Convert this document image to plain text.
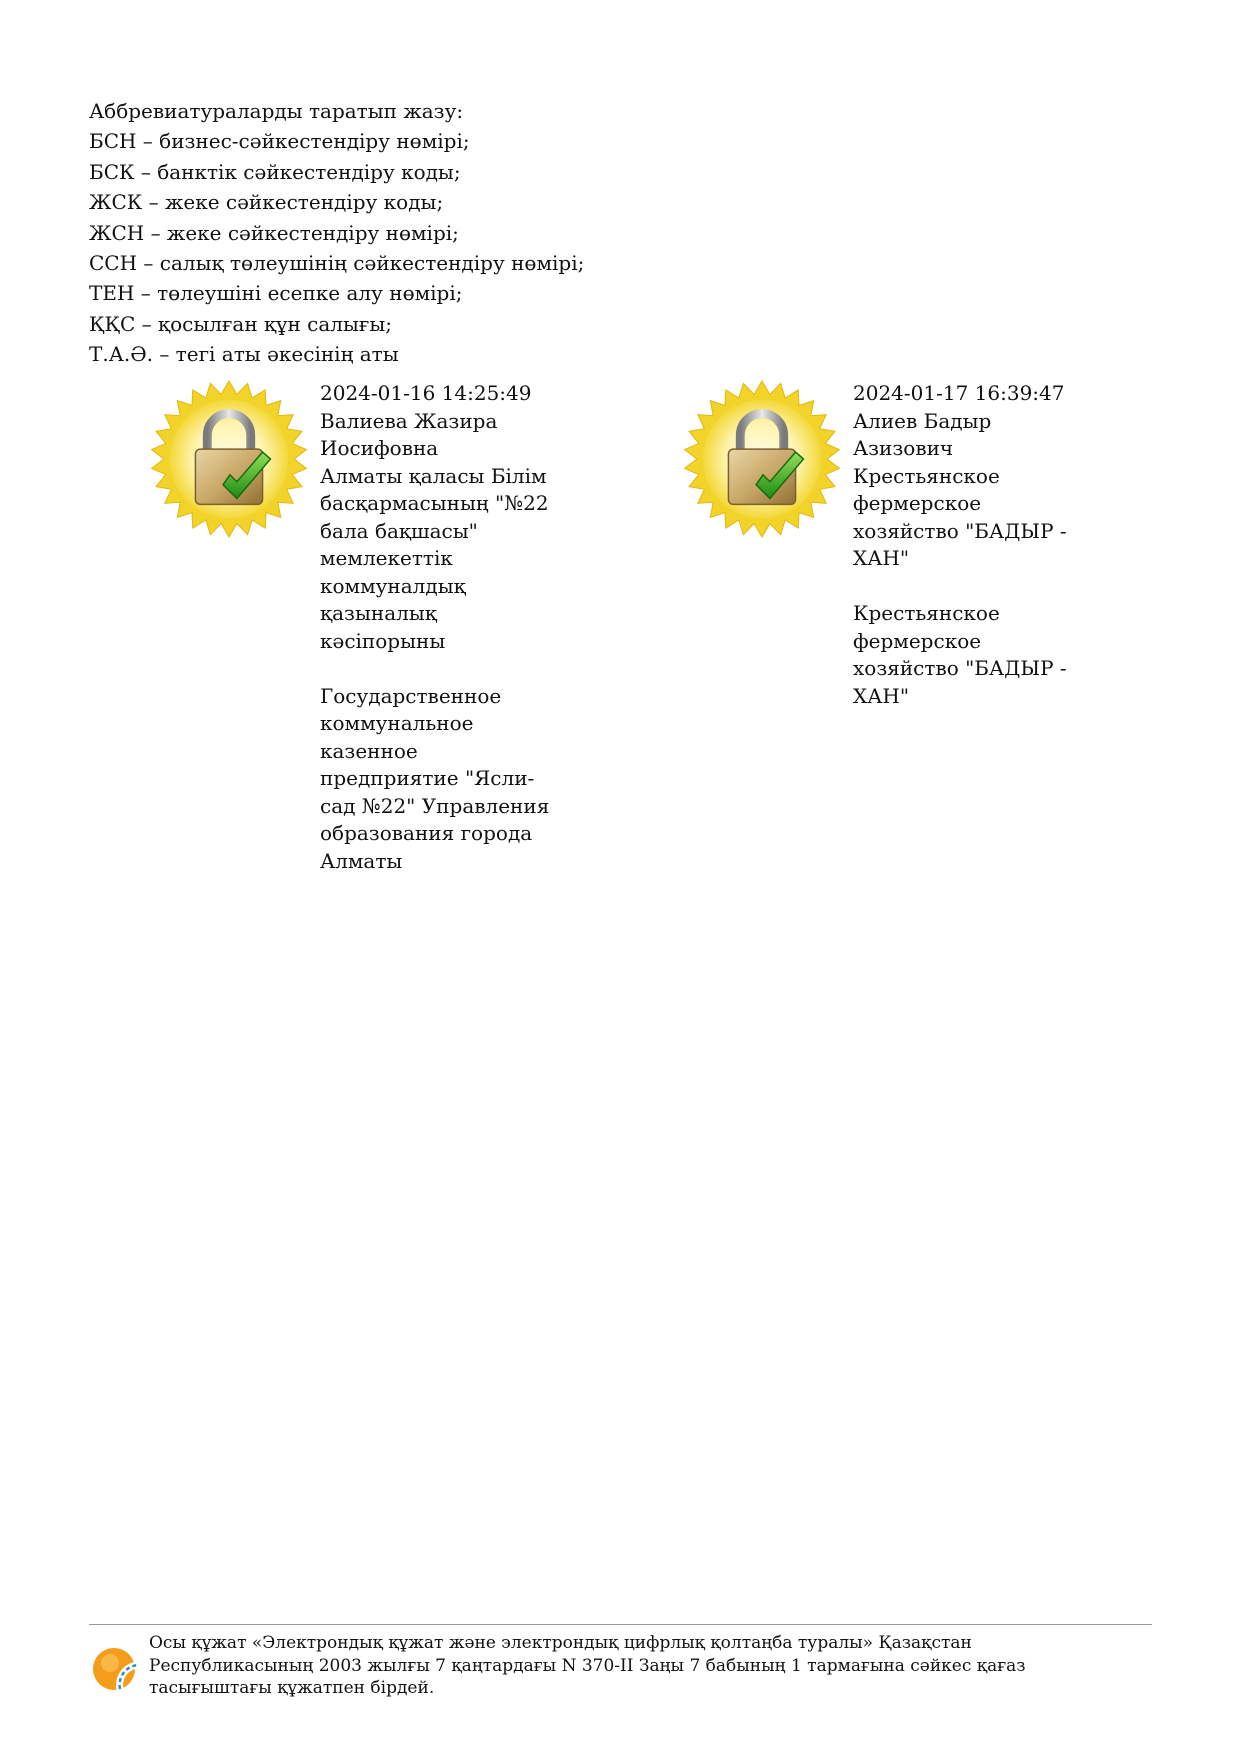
Аббревиатураларды таратып жазу:
БСН – бизнес-сәйкестендіру нөмірі;
БСК – банктік сәйкестендіру коды;
ЖСК – жеке сәйкестендіру коды;
ЖСН – жеке сәйкестендіру нөмірі;
ССН – салық төлеушінің сәйкестендіру нөмірі;
ТЕН – төлеушіні есепке алу нөмірі;
ҚҚС – қосылған құн салығы;
Т.А.Ә. – тегі аты әкесінің аты
2024-01-16 14:25:49
Валиева Жазира
Иосифовна
Алматы қаласы Білім
басқармасының "№22
бала бақшасы"
мемлекеттік
коммуналдық
қазыналық
кәсіпорыны
Государственное
коммунальное
казенное
предприятие "Ясли-
сад №22" Управления
образования города
Алматы
2024-01-17 16:39:47
Алиев Бадыр
Азизович
Крестьянское
фермерское
хозяйство "БАДЫР -
ХАН"
Крестьянское
фермерское
хозяйство "БАДЫР -
ХАН"
Осы құжат «Электрондық құжат және электрондық цифрлық қолтаңба туралы» Қазақстан
Республикасының 2003 жылғы 7 қаңтардағы N 370-II Заңы 7 бабының 1 тармағына сәйкес қағаз
тасығыштағы құжатпен бірдей.
